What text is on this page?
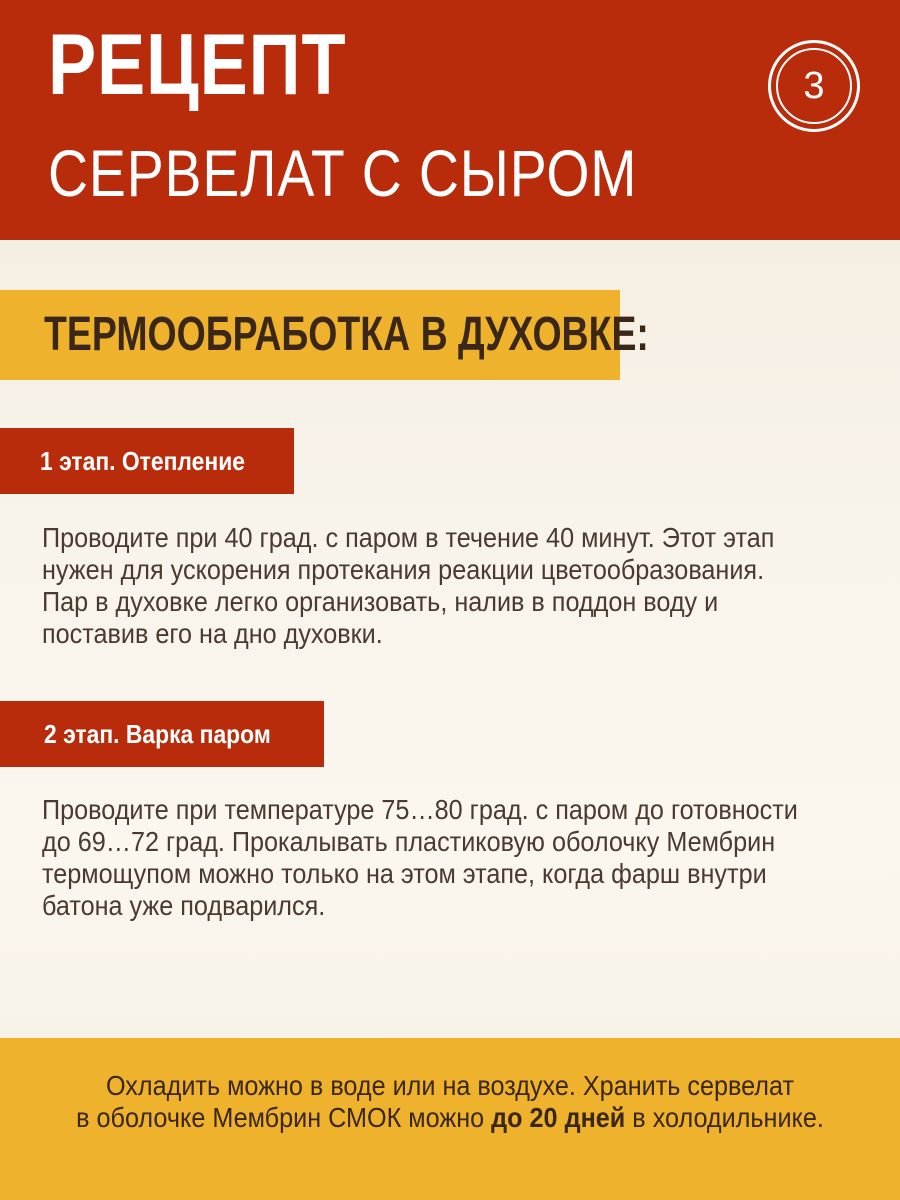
РЕЦЕПТ
СЕРВЕЛАТ С СЫРОМ
3
ТЕРМООБРАБОТКА В ДУХОВКЕ:
1 этап. Отепление
Проводите при 40 град. с паром в течение 40 минут. Этот этап
нужен для ускорения протекания реакции цветообразования.
Пар в духовке легко организовать, налив в поддон воду и
поставив его на дно духовки.
2 этап. Варка паром
Проводите при температуре 75…80 град. с паром до готовности
до 69…72 град. Прокалывать пластиковую оболочку Мембрин
термощупом можно только на этом этапе, когда фарш внутри
батона уже подварился.
Охладить можно в воде или на воздухе. Хранить сервелат
в оболочке Мембрин СМОК можно до 20 дней в холодильнике.
